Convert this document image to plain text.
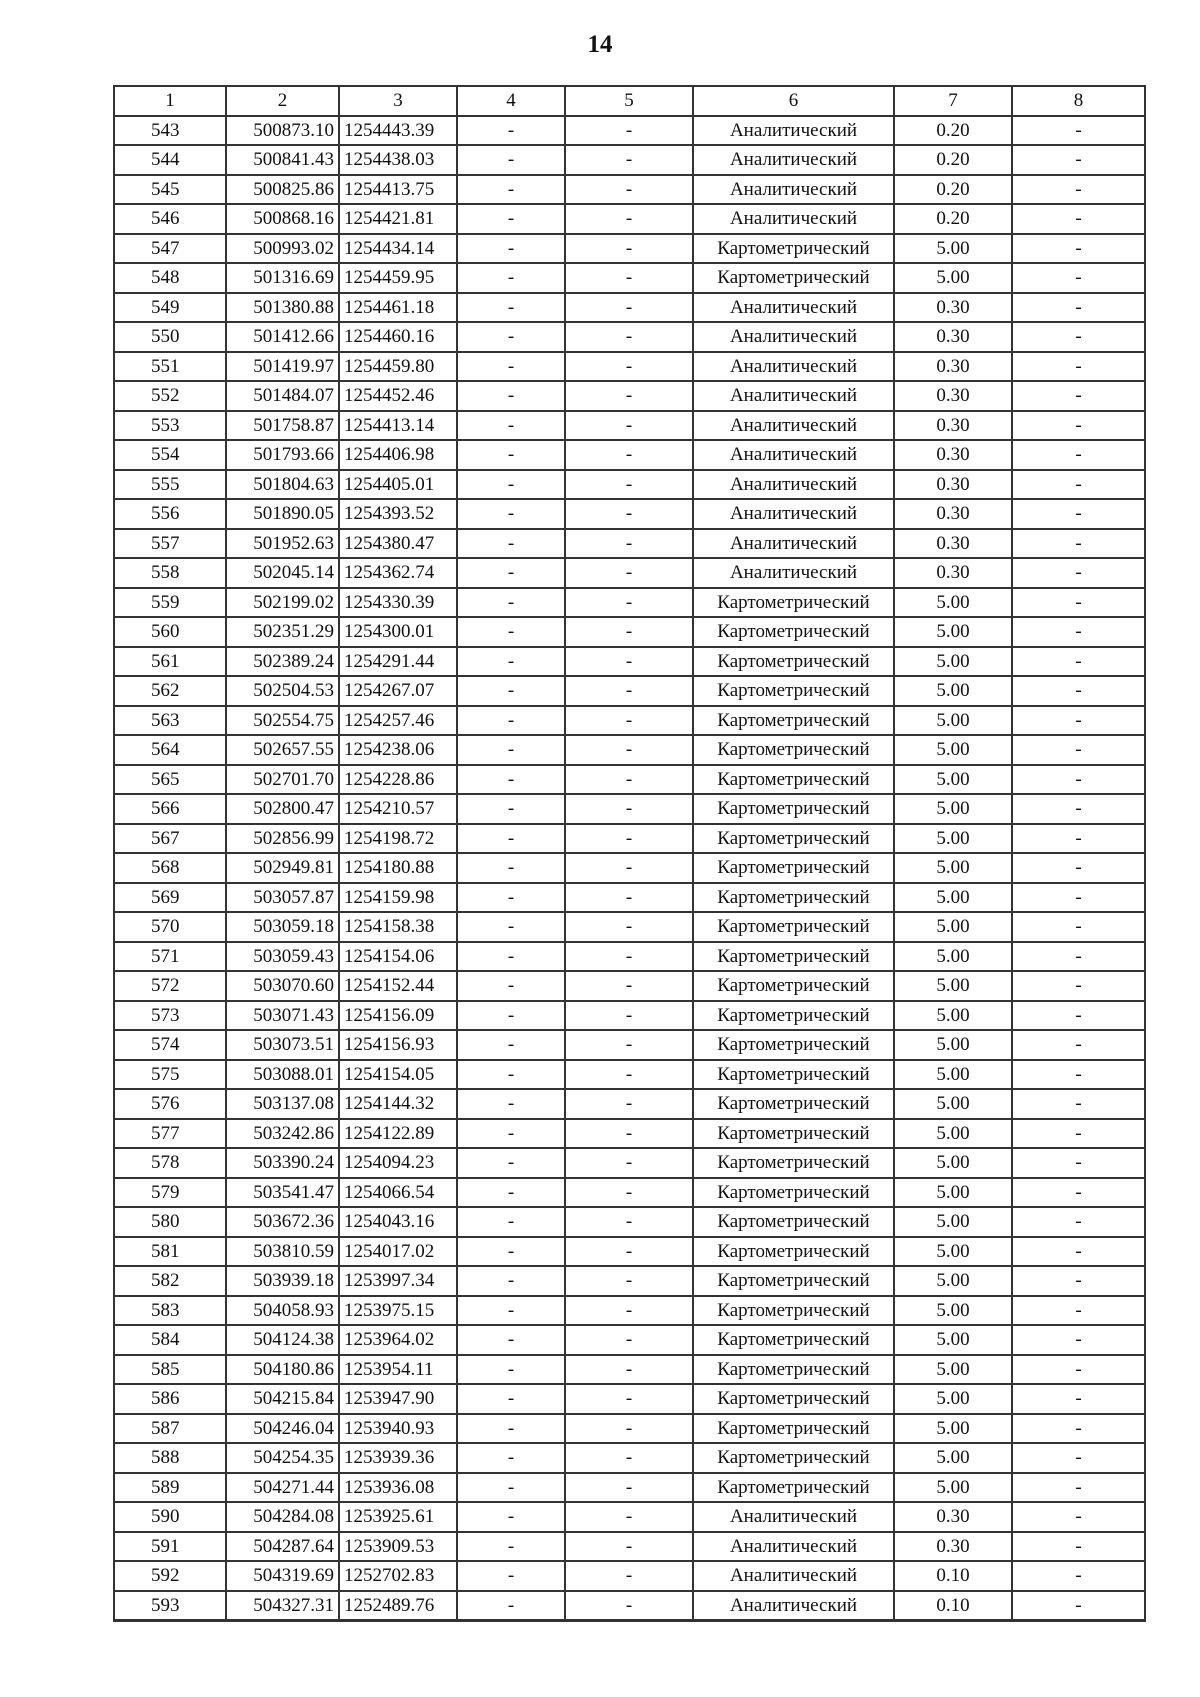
14
1	2	3	4	5	6	7	8
543	500873.10	1254443.39	-	-	Аналитический	0.20	-
544	500841.43	1254438.03	-	-	Аналитический	0.20	-
545	500825.86	1254413.75	-	-	Аналитический	0.20	-
546	500868.16	1254421.81	-	-	Аналитический	0.20	-
547	500993.02	1254434.14	-	-	Картометрический	5.00	-
548	501316.69	1254459.95	-	-	Картометрический	5.00	-
549	501380.88	1254461.18	-	-	Аналитический	0.30	-
550	501412.66	1254460.16	-	-	Аналитический	0.30	-
551	501419.97	1254459.80	-	-	Аналитический	0.30	-
552	501484.07	1254452.46	-	-	Аналитический	0.30	-
553	501758.87	1254413.14	-	-	Аналитический	0.30	-
554	501793.66	1254406.98	-	-	Аналитический	0.30	-
555	501804.63	1254405.01	-	-	Аналитический	0.30	-
556	501890.05	1254393.52	-	-	Аналитический	0.30	-
557	501952.63	1254380.47	-	-	Аналитический	0.30	-
558	502045.14	1254362.74	-	-	Аналитический	0.30	-
559	502199.02	1254330.39	-	-	Картометрический	5.00	-
560	502351.29	1254300.01	-	-	Картометрический	5.00	-
561	502389.24	1254291.44	-	-	Картометрический	5.00	-
562	502504.53	1254267.07	-	-	Картометрический	5.00	-
563	502554.75	1254257.46	-	-	Картометрический	5.00	-
564	502657.55	1254238.06	-	-	Картометрический	5.00	-
565	502701.70	1254228.86	-	-	Картометрический	5.00	-
566	502800.47	1254210.57	-	-	Картометрический	5.00	-
567	502856.99	1254198.72	-	-	Картометрический	5.00	-
568	502949.81	1254180.88	-	-	Картометрический	5.00	-
569	503057.87	1254159.98	-	-	Картометрический	5.00	-
570	503059.18	1254158.38	-	-	Картометрический	5.00	-
571	503059.43	1254154.06	-	-	Картометрический	5.00	-
572	503070.60	1254152.44	-	-	Картометрический	5.00	-
573	503071.43	1254156.09	-	-	Картометрический	5.00	-
574	503073.51	1254156.93	-	-	Картометрический	5.00	-
575	503088.01	1254154.05	-	-	Картометрический	5.00	-
576	503137.08	1254144.32	-	-	Картометрический	5.00	-
577	503242.86	1254122.89	-	-	Картометрический	5.00	-
578	503390.24	1254094.23	-	-	Картометрический	5.00	-
579	503541.47	1254066.54	-	-	Картометрический	5.00	-
580	503672.36	1254043.16	-	-	Картометрический	5.00	-
581	503810.59	1254017.02	-	-	Картометрический	5.00	-
582	503939.18	1253997.34	-	-	Картометрический	5.00	-
583	504058.93	1253975.15	-	-	Картометрический	5.00	-
584	504124.38	1253964.02	-	-	Картометрический	5.00	-
585	504180.86	1253954.11	-	-	Картометрический	5.00	-
586	504215.84	1253947.90	-	-	Картометрический	5.00	-
587	504246.04	1253940.93	-	-	Картометрический	5.00	-
588	504254.35	1253939.36	-	-	Картометрический	5.00	-
589	504271.44	1253936.08	-	-	Картометрический	5.00	-
590	504284.08	1253925.61	-	-	Аналитический	0.30	-
591	504287.64	1253909.53	-	-	Аналитический	0.30	-
592	504319.69	1252702.83	-	-	Аналитический	0.10	-
593	504327.31	1252489.76	-	-	Аналитический	0.10	-
